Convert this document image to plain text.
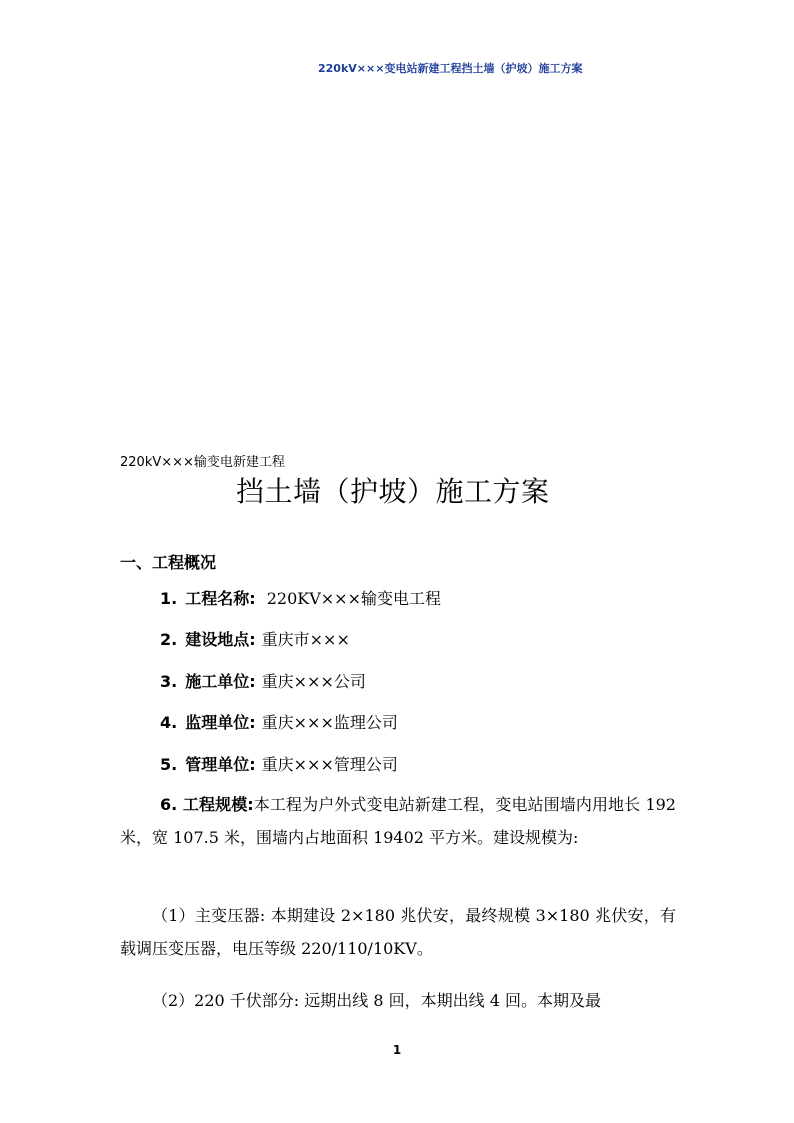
220kV×××变电站新建工程挡土墙（护坡）施工方案
220kV×××输变电新建工程
挡土墙（护坡）施工方案
一、工程概况
1. 工程名称: 220KV×××输变电工程
2. 建设地点: 重庆市×××
3. 施工单位: 重庆×××公司
4. 监理单位: 重庆×××监理公司
5. 管理单位: 重庆×××管理公司
6. 工程规模:本工程为户外式变电站新建工程，变电站围墙内用地长 192 米，宽 107.5 米，围墙内占地面积 19402 平方米。建设规模为:
（1）主变压器: 本期建设 2×180 兆伏安，最终规模 3×180 兆伏安，有载调压变压器，电压等级 220/110/10KV。
（2）220 千伏部分: 远期出线 8 回，本期出线 4 回。本期及最
1
